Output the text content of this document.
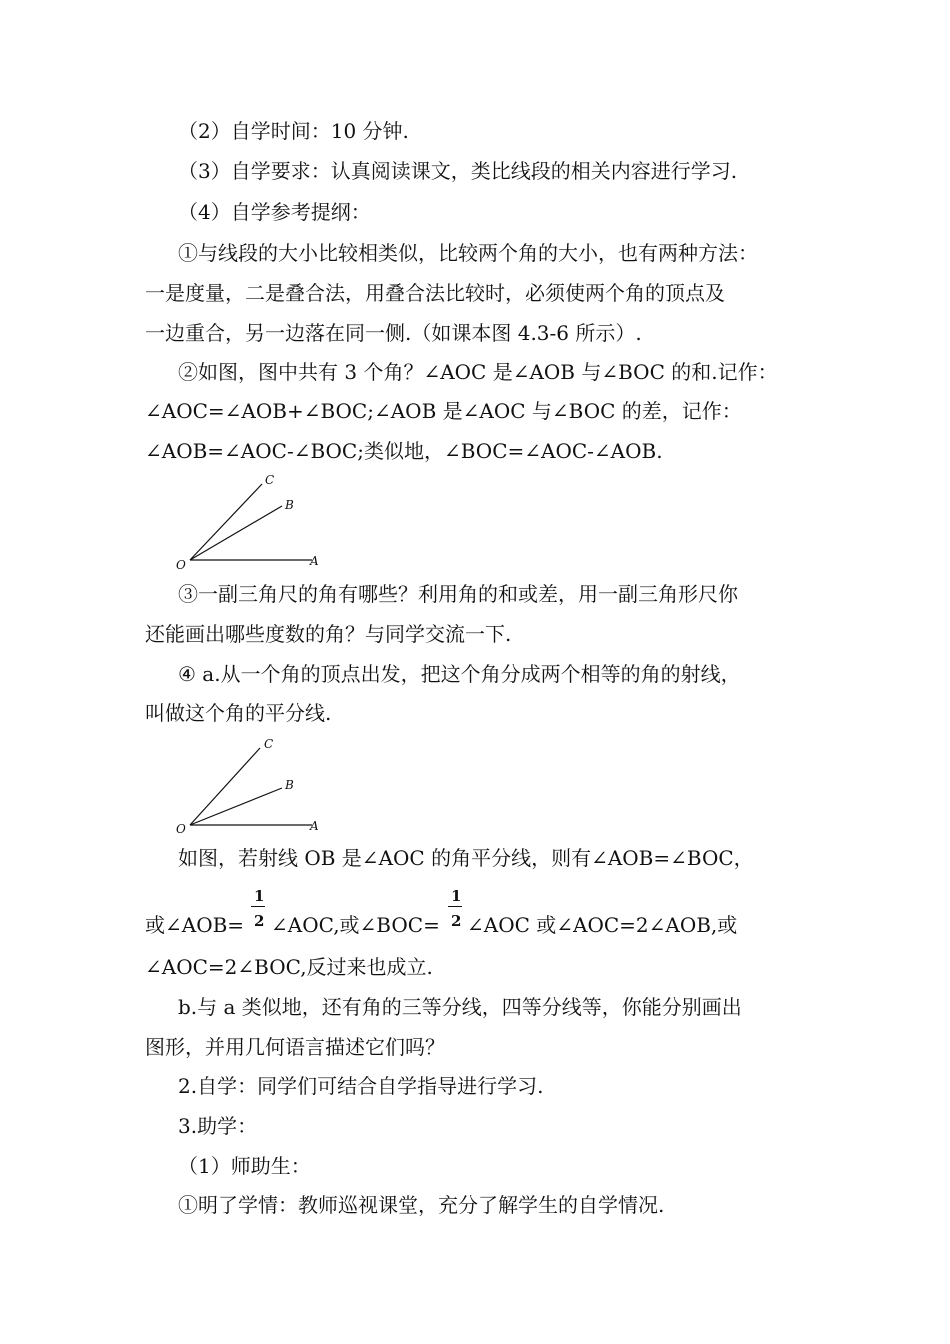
（2）自学时间：10 分钟.
（3）自学要求：认真阅读课文，类比线段的相关内容进行学习.
（4）自学参考提纲：
①与线段的大小比较相类似，比较两个角的大小，也有两种方法：
一是度量，二是叠合法，用叠合法比较时，必须使两个角的顶点及
一边重合，另一边落在同一侧.（如课本图 4.3-6 所示）.
②如图，图中共有 3 个角？∠AOC 是∠AOB 与∠BOC 的和.记作：
∠AOC=∠AOB+∠BOC;∠AOB 是∠AOC 与∠BOC 的差，记作：
∠AOB=∠AOC-∠BOC;类似地，∠BOC=∠AOC-∠AOB.
O	A
B
C
③一副三角尺的角有哪些？利用角的和或差，用一副三角形尺你
还能画出哪些度数的角？与同学交流一下.
④ a.从一个角的顶点出发，把这个角分成两个相等的角的射线，
叫做这个角的平分线.
O	A
B
C
如图，若射线 OB 是∠AOC 的角平分线，则有∠AOB=∠BOC，
或∠AOB=
1
2 ∠AOC,或∠BOC=
1
2 ∠AOC 或∠AOC=2∠AOB,或
∠AOC=2∠BOC,反过来也成立.
b.与 a 类似地，还有角的三等分线，四等分线等，你能分别画出
图形，并用几何语言描述它们吗？
2.自学：同学们可结合自学指导进行学习.
3.助学：
（1）师助生：
①明了学情：教师巡视课堂，充分了解学生的自学情况.
